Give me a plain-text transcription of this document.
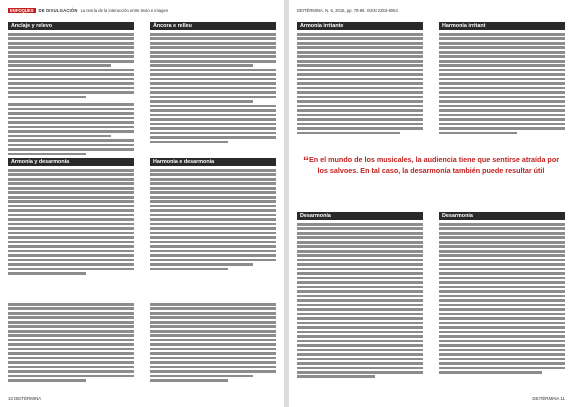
ENFOQUES	DE DIVULGACIÓN La teoría de la interacción entre texto e imagen
Anclaje y relevo	Áncora e relleu
Armonía y desarmonía	Harmonia e desarmonia
10 DEITÉRMINA
DEITÉRMINA, N. 5, 2015, pp. 78-86. ISSN 2253-8054
Armonía irritante	Harmonia irritant
Desarmonía	Desarmonia
DEITÉRMINA 11
“En el mundo de los musicales, la audiencia tiene que sentirse atraída por los salvoes. En tal caso, la desarmonía también puede resultar útil
